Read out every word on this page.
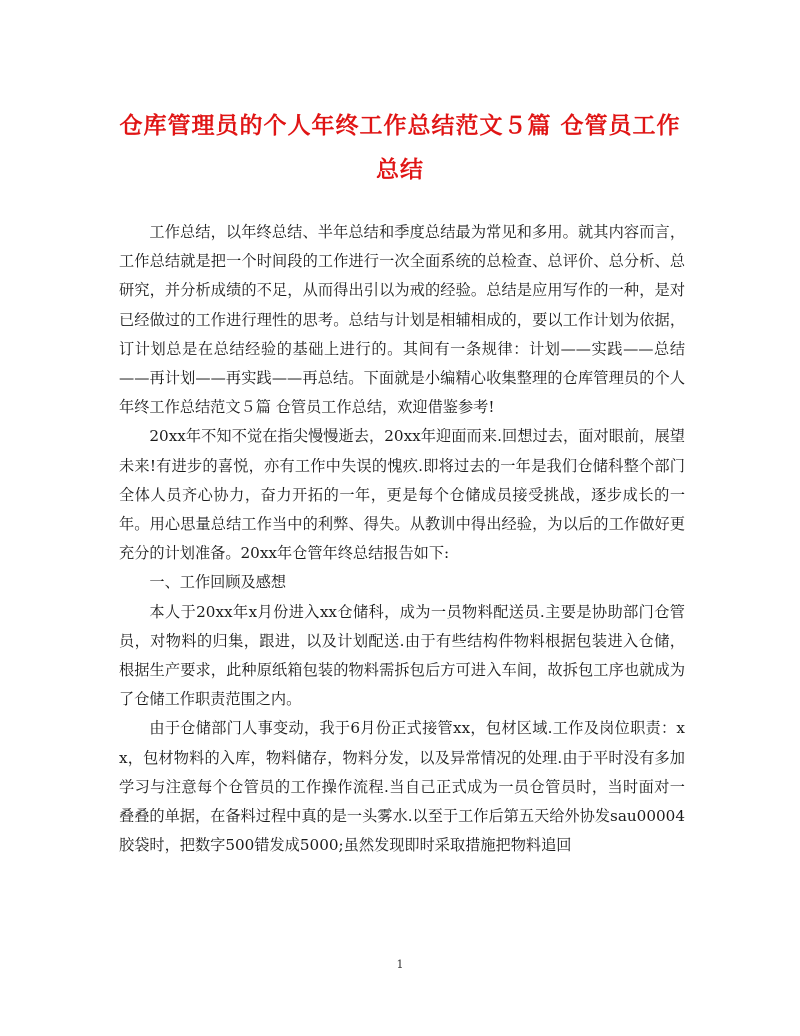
仓库管理员的个人年终工作总结范文５篇 仓管员工作
总结

工作总结，以年终总结、半年总结和季度总结最为常见和多用。就其内容而言，工作总结就是把一个时间段的工作进行一次全面系统的总检查、总评价、总分析、总研究，并分析成绩的不足，从而得出引以为戒的经验。总结是应用写作的一种，是对已经做过的工作进行理性的思考。总结与计划是相辅相成的，要以工作计划为依据，订计划总是在总结经验的基础上进行的。其间有一条规律：计划——实践——总结——再计划——再实践——再总结。下面就是小编精心收集整理的仓库管理员的个人年终工作总结范文５篇 仓管员工作总结，欢迎借鉴参考!

20xx年不知不觉在指尖慢慢逝去，20xx年迎面而来.回想过去，面对眼前，展望未来!有进步的喜悦，亦有工作中失误的愧疚.即将过去的一年是我们仓储科整个部门全体人员齐心协力，奋力开拓的一年，更是每个仓储成员接受挑战，逐步成长的一年。用心思量总结工作当中的利弊、得失。从教训中得出经验，为以后的工作做好更充分的计划准备。20xx年仓管年终总结报告如下:

一、工作回顾及感想

本人于20xx年x月份进入xx仓储科，成为一员物料配送员.主要是协助部门仓管员，对物料的归集，跟进，以及计划配送.由于有些结构件物料根据包装进入仓储，根据生产要求，此种原纸箱包装的物料需拆包后方可进入车间，故拆包工序也就成为了仓储工作职责范围之内。

由于仓储部门人事变动，我于6月份正式接管xx，包材区域.工作及岗位职责：xx，包材物料的入库，物料储存，物料分发，以及异常情况的处理.由于平时没有多加学习与注意每个仓管员的工作操作流程.当自己正式成为一员仓管员时，当时面对一叠叠的单据，在备料过程中真的是一头雾水.以至于工作后第五天给外协发sau00004胶袋时，把数字500错发成5000;虽然发现即时采取措施把物料追回

1
